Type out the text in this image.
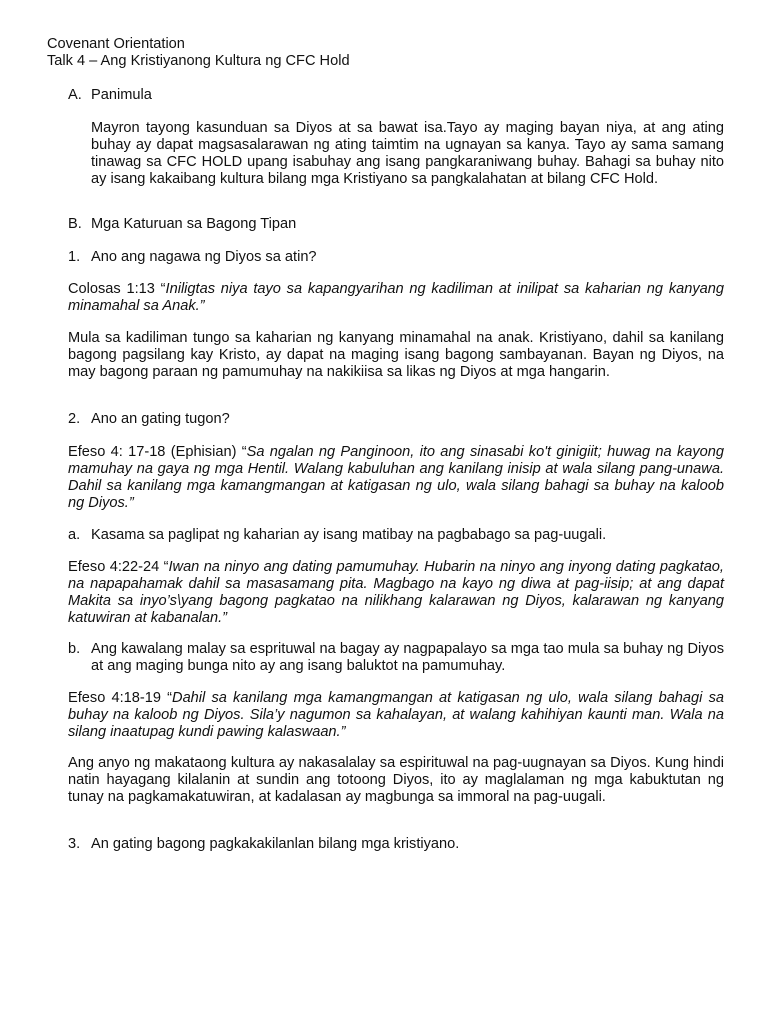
Covenant Orientation

Talk 4 – Ang Kristiyanong Kultura ng CFC Hold

A. Panimula

Mayron tayong kasunduan sa Diyos at sa bawat isa.Tayo ay maging bayan niya, at ang ating buhay ay dapat magsasalarawan ng ating taimtim na ugnayan sa kanya. Tayo ay sama samang tinawag sa CFC HOLD upang isabuhay ang isang pangkaraniwang buhay. Bahagi sa buhay nito ay isang kakaibang kultura bilang mga Kristiyano sa pangkalahatan at bilang CFC Hold.

B. Mga Katuruan sa Bagong Tipan

1. Ano ang nagawa ng Diyos sa atin?

Colosas 1:13 “Iniligtas niya tayo sa kapangyarihan ng kadiliman at inilipat sa kaharian ng kanyang minamahal sa Anak.”

Mula sa kadiliman tungo sa kaharian ng kanyang minamahal na anak. Kristiyano, dahil sa kanilang bagong pagsilang kay Kristo, ay dapat na maging isang bagong sambayanan. Bayan ng Diyos, na may bagong paraan ng pamumuhay na nakikiisa sa likas ng Diyos at mga hangarin.

2. Ano an gating tugon?

Efeso 4: 17-18 (Ephisian) “Sa ngalan ng Panginoon, ito ang sinasabi ko't ginigiit; huwag na kayong mamuhay na gaya ng mga Hentil. Walang kabuluhan ang kanilang inisip at wala silang pang-unawa. Dahil sa kanilang mga kamangmangan at katigasan ng ulo, wala silang bahagi sa buhay na kaloob ng Diyos.”

a. Kasama sa paglipat ng kaharian ay isang matibay na pagbabago sa pag-uugali.

Efeso 4:22-24 “Iwan na ninyo ang dating pamumuhay. Hubarin na ninyo ang inyong dating pagkatao, na napapahamak dahil sa masasamang pita. Magbago na kayo ng diwa at pag-iisip; at ang dapat Makita sa inyo’s\yang bagong pagkatao na nilikhang kalarawan ng Diyos, kalarawan ng kanyang katuwiran at kabanalan.”

b. Ang kawalang malay sa esprituwal na bagay ay nagpapalayo sa mga tao mula sa buhay ng Diyos at ang maging bunga nito ay ang isang baluktot na pamumuhay.

Efeso 4:18-19 “Dahil sa kanilang mga kamangmangan at katigasan ng ulo, wala silang bahagi sa buhay na kaloob ng Diyos. Sila’y nagumon sa kahalayan, at walang kahihiyan kaunti man. Wala na silang inaatupag kundi pawing kalaswaan.”

Ang anyo ng makataong kultura ay nakasalalay sa espirituwal na pag-uugnayan sa Diyos. Kung hindi natin hayagang kilalanin at sundin ang totoong Diyos, ito ay maglalaman ng mga kabuktutan ng tunay na pagkamakatuwiran, at kadalasan ay magbunga sa immoral na pag-uugali.

3. An gating bagong pagkakakilanlan bilang mga kristiyano.
